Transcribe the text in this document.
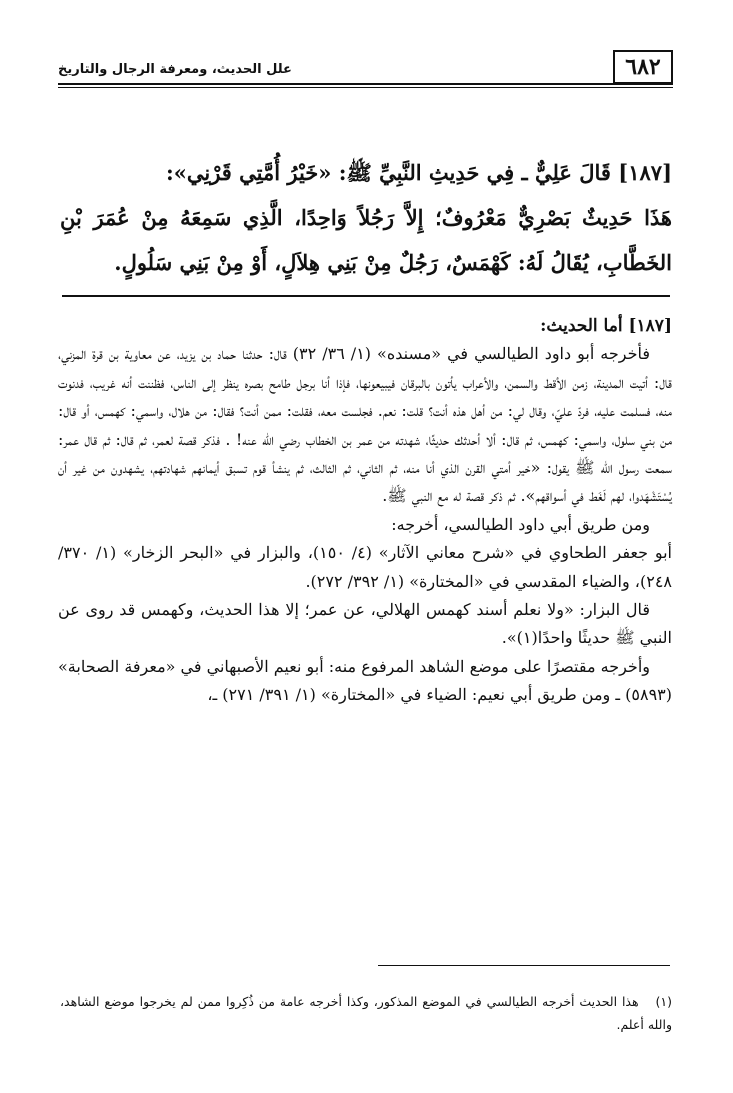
٦٨٢
علل الحديث، ومعرفة الرجال والتاريخ

[١٨٧] قَالَ عَلِيٌّ ـ فِي حَدِيثِ النَّبِيِّ ﷺ: «خَيْرُ أُمَّتِي قَرْنِي»:

هَذَا حَدِيثٌ بَصْرِيٌّ مَعْرُوفٌ؛ إِلاَّ رَجُلاً وَاحِدًا، الَّذِي سَمِعَهُ مِنْ عُمَرَ بْنِ الخَطَّابِ، يُقَالُ لَهُ: كَهْمَسٌ، رَجُلٌ مِنْ بَنِي هِلاَلٍ، أَوْ مِنْ بَنِي سَلُولٍ.

[١٨٧] أما الحديث:

فأخرجه أبو داود الطيالسي في «مسنده» (١/ ٣٦/ ٣٢) قال: حدثنا حماد بن يزيد، عن معاوية بن قرة المزني، قال: أتيت المدينة، زمن الأقط والسمن، والأعراب يأتون بالبرقان فيبيعونها، فإذا أنا برجل طامح بصره ينظر إلى الناس، فظننت أنه غريب، فدنوت منه، فسلمت عليه، فردّ عليّ، وقال لي: من أهل هذه أنت؟ قلت: نعم. فجلست معه، فقلت: ممن أنت؟ فقال: من هلال، واسمي: كهمس، أو قال: من بني سلول، واسمي: كهمس، ثم قال: ألا أحدثك حديثًا، شهدته من عمر بن الخطاب رضي الله عنه! . فذكر قصة لعمر، ثم قال: ثم قال عمر: سمعت رسول الله ﷺ يقول: «خير أمتي القرن الذي أنا منه، ثم الثاني، ثم الثالث، ثم ينشأ قوم تسبق أيمانهم شهادتهم، يشهدون من غير أن يُسْتَشْهَدوا، لهم لَغَط في أسواقهم». ثم ذكر قصة له مع النبي ﷺ.

ومن طريق أبي داود الطيالسي، أخرجه:

أبو جعفر الطحاوي في «شرح معاني الآثار» (٤/ ١٥٠)، والبزار في «البحر الزخار» (١/ ٣٧٠/ ٢٤٨)، والضياء المقدسي في «المختارة» (١/ ٣٩٢/ ٢٧٢).

قال البزار: «ولا نعلم أسند كهمس الهلالي، عن عمر؛ إلا هذا الحديث، وكهمس قد روى عن النبي ﷺ حديثًا واحدًا(١)».

وأخرجه مقتصرًا على موضع الشاهد المرفوع منه: أبو نعيم الأصبهاني في «معرفة الصحابة» (٥٨٩٣) ـ ومن طريق أبي نعيم: الضياء في «المختارة» (١/ ٣٩١/ ٢٧١) ـ،

(١) هذا الحديث أخرجه الطيالسي في الموضع المذكور، وكذا أخرجه عامة من ذُكِروا ممن لم يخرجوا موضع الشاهد، والله أعلم.
